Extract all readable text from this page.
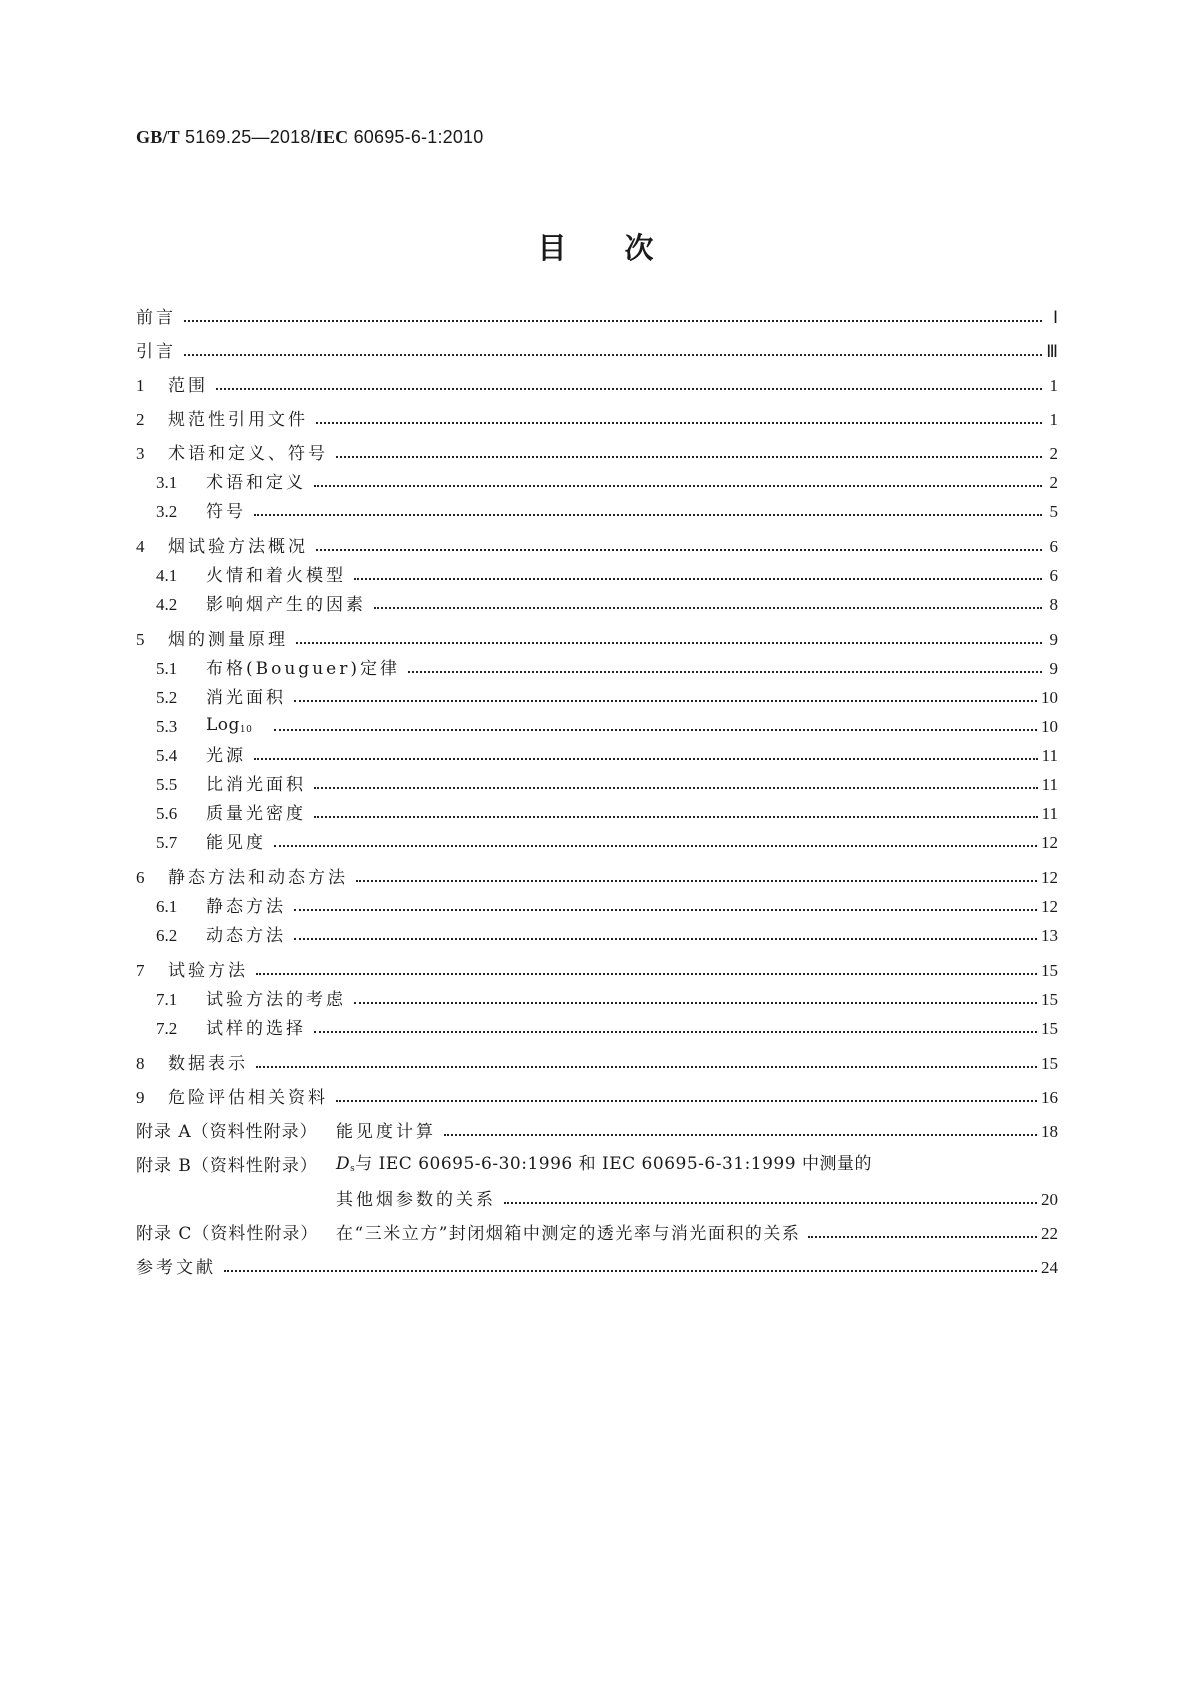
GB/T 5169.25—2018/IEC 60695-6-1:2010
目次
前言	Ⅰ
引言	Ⅲ
1	范围	1
2	规范性引用文件	1
3	术语和定义、符号	2
3.1	术语和定义	2
3.2	符号	5
4	烟试验方法概况	6
4.1	火情和着火模型	6
4.2	影响烟产生的因素	8
5	烟的测量原理	9
5.1	布格(Bouguer)定律	9
5.2	消光面积	10
5.3	Log$_{10}$	10
5.4	光源	11
5.5	比消光面积	11
5.6	质量光密度	11
5.7	能见度	12
6	静态方法和动态方法	12
6.1	静态方法	12
6.2	动态方法	13
7	试验方法	15
7.1	试验方法的考虑	15
7.2	试样的选择	15
8	数据表示	15
9	危险评估相关资料	16
附录 A（资料性附录）	能见度计算	18
附录 B（资料性附录）	$D_s$与 IEC 60695-6-30:1996 和 IEC 60695-6-31:1999 中测量的
其他烟参数的关系	20
附录 C（资料性附录）	在“三米立方”封闭烟箱中测定的透光率与消光面积的关系	22
参考文献	24
